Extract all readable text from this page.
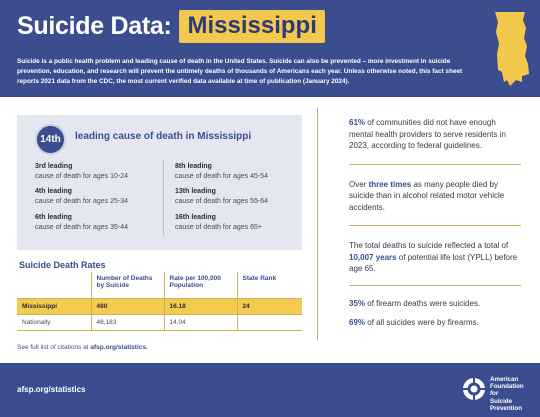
Suicide Data: Mississippi

Suicide is a public health problem and leading cause of death in the United States. Suicide can also be prevented – more investment in suicide prevention, education, and research will prevent the untimely deaths of thousands of Americans each year. Unless otherwise noted, this fact sheet reports 2021 data from the CDC, the most current verified data available at time of publication (January 2024).

14th	leading cause of death in Mississippi
3rd leading
cause of death for ages 10-24
4th leading
cause of death for ages 25-34
6th leading
cause of death for ages 35-44
8th leading
cause of death for ages 45-54
13th leading
cause of death for ages 55-64
16th leading
cause of death for ages 65+
Suicide Death Rates
	Number of Deaths by Suicide	Rate per 100,000 Population	State Rank
Mississippi	480	16.18	24
Nationally	48,183	14.04	
See full list of citations at afsp.org/statistics.

61% of communities did not have enough mental health providers to serve residents in 2023, according to federal guidelines.

Over three times as many people died by suicide than in alcohol related motor vehicle accidents.

The total deaths to suicide reflected a total of 10,007 years of potential life lost (YPLL) before age 65.

35% of firearm deaths were suicides.

69% of all suicides were by firearms.

afsp.org/statistics
American
Foundation
for
Suicide
Prevention
